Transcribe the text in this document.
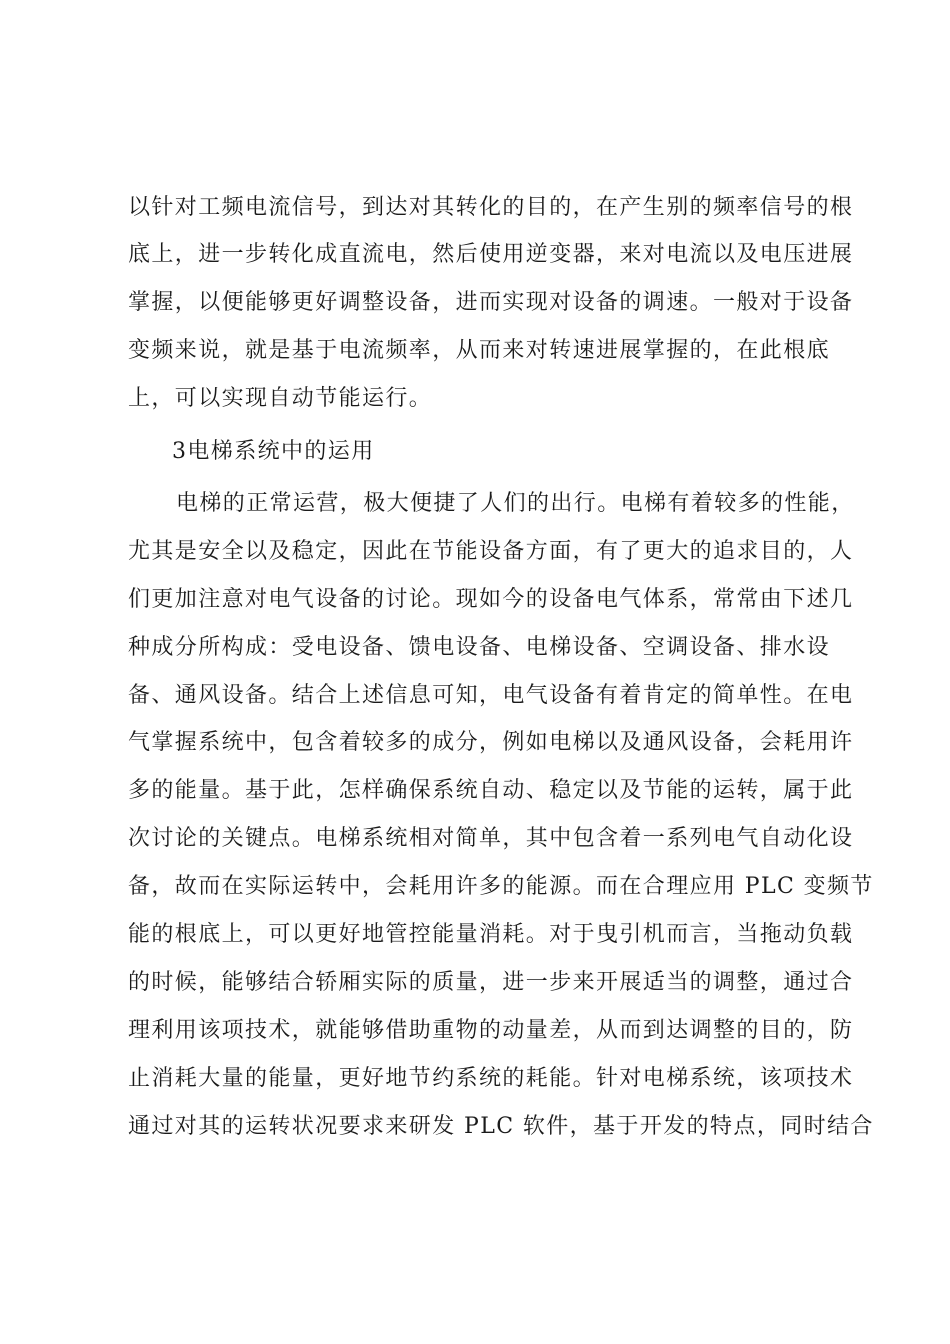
以针对工频电流信号，到达对其转化的目的，在产生别的频率信号的根
底上，进一步转化成直流电，然后使用逆变器，来对电流以及电压进展
掌握，以便能够更好调整设备，进而实现对设备的调速。一般对于设备
变频来说，就是基于电流频率，从而来对转速进展掌握的，在此根底
上，可以实现自动节能运行。
3电梯系统中的运用
电梯的正常运营，极大便捷了人们的出行。电梯有着较多的性能，
尤其是安全以及稳定，因此在节能设备方面，有了更大的追求目的，人
们更加注意对电气设备的讨论。现如今的设备电气体系，常常由下述几
种成分所构成：受电设备、馈电设备、电梯设备、空调设备、排水设
备、通风设备。结合上述信息可知，电气设备有着肯定的简单性。在电
气掌握系统中，包含着较多的成分，例如电梯以及通风设备，会耗用许
多的能量。基于此，怎样确保系统自动、稳定以及节能的运转，属于此
次讨论的关键点。电梯系统相对简单，其中包含着一系列电气自动化设
备，故而在实际运转中，会耗用许多的能源。而在合理应用 PLC 变频节
能的根底上，可以更好地管控能量消耗。对于曳引机而言，当拖动负载
的时候，能够结合轿厢实际的质量，进一步来开展适当的调整，通过合
理利用该项技术，就能够借助重物的动量差，从而到达调整的目的，防
止消耗大量的能量，更好地节约系统的耗能。针对电梯系统，该项技术
通过对其的运转状况要求来研发 PLC 软件，基于开发的特点，同时结合
